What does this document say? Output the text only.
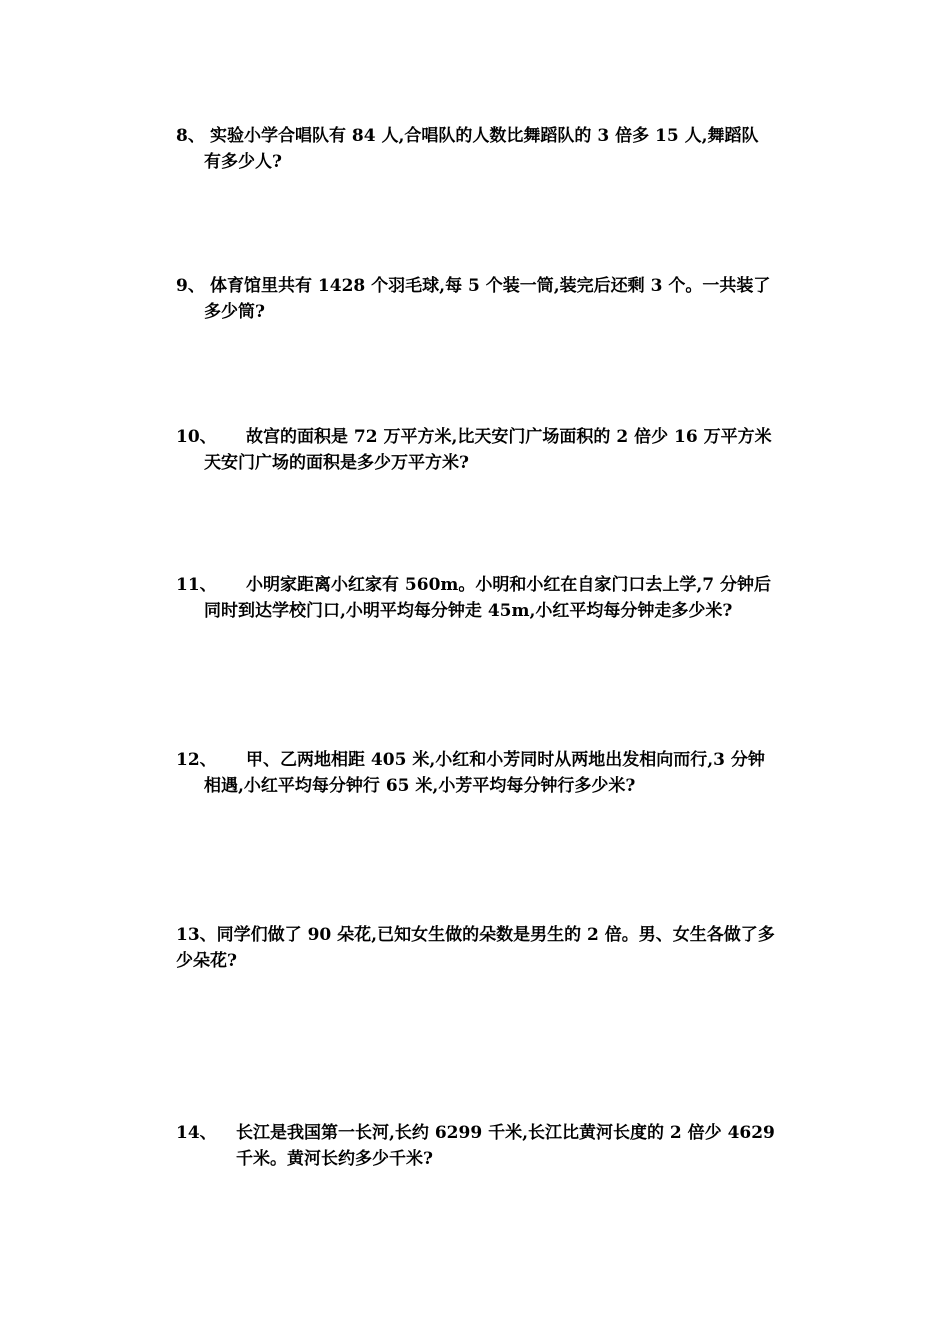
8、 实验小学合唱队有 84 人,合唱队的人数比舞蹈队的 3 倍多 15 人,舞蹈队
有多少人?
9、 体育馆里共有 1428 个羽毛球,每 5 个装一筒,装完后还剩 3 个。一共装了
多少筒?
10、 故宫的面积是 72 万平方米,比天安门广场面积的 2 倍少 16 万平方米
天安门广场的面积是多少万平方米?
11、 小明家距离小红家有 560m。小明和小红在自家门口去上学,7 分钟后
同时到达学校门口,小明平均每分钟走 45m,小红平均每分钟走多少米?
12、 甲、乙两地相距 405 米,小红和小芳同时从两地出发相向而行,3 分钟
相遇,小红平均每分钟行 65 米,小芳平均每分钟行多少米?
13、同学们做了 90 朵花,已知女生做的朵数是男生的 2 倍。男、女生各做了多
少朵花?
14、 长江是我国第一长河,长约 6299 千米,长江比黄河长度的 2 倍少 4629
千米。黄河长约多少千米?
